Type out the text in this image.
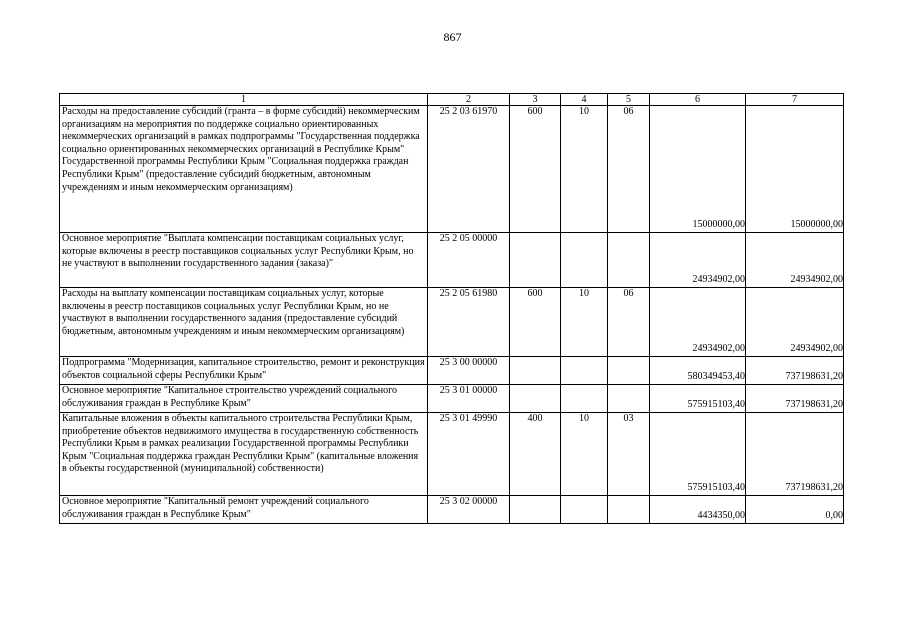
867
1	2	3	4	5	6	7
Расходы на предоставление субсидий (гранта – в форме субсидий) некоммерческим организациям на мероприятия по поддержке социально ориентированных некоммерческих организаций в рамках подпрограммы "Государственная поддержка социально ориентированных некоммерческих организаций в Республике Крым" Государственной программы Республики Крым "Социальная поддержка граждан Республики Крым" (предоставление субсидий бюджетным, автономным учреждениям и иным некоммерческим организациям)	25 2 03 61970	600	10	06	15000000,00	15000000,00
Основное мероприятие "Выплата компенсации поставщикам социальных услуг, которые включены в реестр поставщиков социальных услуг Республики Крым, но не участвуют в выполнении государственного задания (заказа)"	25 2 05 00000				24934902,00	24934902,00
Расходы на выплату компенсации поставщикам социальных услуг, которые включены в реестр поставщиков социальных услуг Республики Крым, но не участвуют в выполнении государственного задания (предоставление субсидий бюджетным, автономным учреждениям и иным некоммерческим организациям)	25 2 05 61980	600	10	06	24934902,00	24934902,00
Подпрограмма "Модернизация, капитальное строительство, ремонт и реконструкция объектов социальной сферы Республики Крым"	25 3 00 00000				580349453,40	737198631,20
Основное мероприятие "Капитальное строительство учреждений социального обслуживания граждан в Республике Крым"	25 3 01 00000				575915103,40	737198631,20
Капитальные вложения в объекты капитального строительства Республики Крым, приобретение объектов недвижимого имущества в государственную собственность Республики Крым в рамках реализации Государственной программы Республики Крым "Социальная поддержка граждан Республики Крым" (капитальные вложения в объекты государственной (муниципальной) собственности)	25 3 01 49990	400	10	03	575915103,40	737198631,20
Основное мероприятие "Капитальный ремонт учреждений социального обслуживания граждан в Республике Крым"	25 3 02 00000				4434350,00	0,00
